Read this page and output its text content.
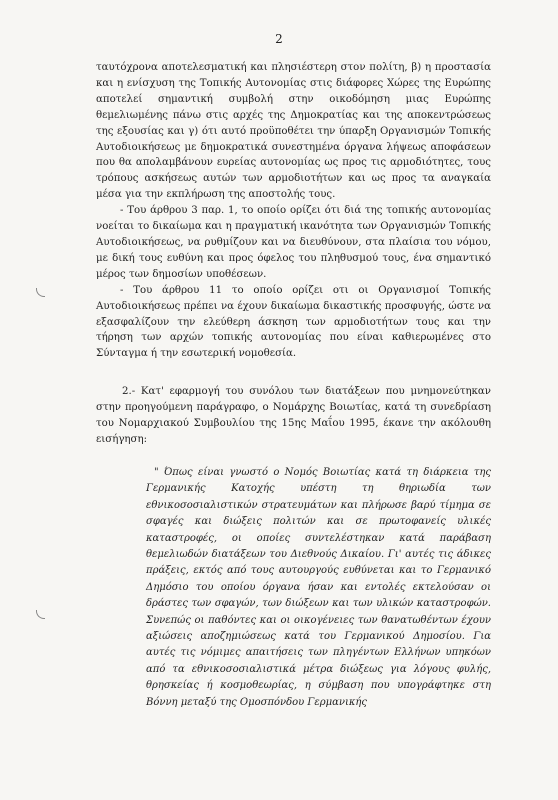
2

ταυτόχρονα αποτελεσματική και πλησιέστερη στον πολίτη, β) η προστασία και η ενίσχυση της Τοπικής Αυτονομίας στις διάφορες Χώρες της Ευρώπης αποτελεί σημαντική συμβολή στην οικοδόμηση μιας Ευρώπης θεμελιωμένης πάνω στις αρχές της Δημοκρατίας και της αποκεντρώσεως της εξουσίας και γ) ότι αυτό προϋποθέτει την ύπαρξη Οργανισμών Τοπικής Αυτοδιοικήσεως με δημοκρατικά συνεστημένα όργανα λήψεως αποφάσεων που θα απολαμβάνουν ευρείας αυτονομίας ως προς τις αρμοδιότητες, τους τρόπους ασκήσεως αυτών των αρμοδιοτήτων και ως προς τα αναγκαία μέσα για την εκπλήρωση της αποστολής τους.

- Του άρθρου 3 παρ. 1, το οποίο ορίζει ότι διά της τοπικής αυτονομίας νοείται το δικαίωμα και η πραγματική ικανότητα των Οργανισμών Τοπικής Αυτοδιοικήσεως, να ρυθμίζουν και να διευθύνουν, στα πλαίσια του νόμου, με δική τους ευθύνη και προς όφελος του πληθυσμού τους, ένα σημαντικό μέρος των δημοσίων υποθέσεων.

- Του άρθρου 11 το οποίο ορίζει οτι οι Οργανισμοί Τοπικής Αυτοδιοικήσεως πρέπει να έχουν δικαίωμα δικαστικής προσφυγής, ώστε να εξασφαλίζουν την ελεύθερη άσκηση των αρμοδιοτήτων τους και την τήρηση των αρχών τοπικής αυτονομίας που είναι καθιερωμένες στο Σύνταγμα ή την εσωτερική νομοθεσία.

2.- Κατ' εφαρμογή του συνόλου των διατάξεων που μνημονεύτηκαν στην προηγούμενη παράγραφο, ο Νομάρχης Βοιωτίας, κατά τη συνεδρίαση του Νομαρχιακού Συμβουλίου της 15ης Μαΐου 1995, έκανε την ακόλουθη εισήγηση:

" Όπως είναι γνωστό ο Νομός Βοιωτίας κατά τη διάρκεια της Γερμανικής Κατοχής υπέστη τη θηριωδία των εθνικοσοσιαλιστικών στρατευμάτων και πλήρωσε βαρύ τίμημα σε σφαγές και διώξεις πολιτών και σε πρωτοφανείς υλικές καταστροφές, οι οποίες συντελέστηκαν κατά παράβαση θεμελιωδών διατάξεων του Διεθνούς Δικαίου. Γι' αυτές τις άδικες πράξεις, εκτός από τους αυτουργούς ευθύνεται και το Γερμανικό Δημόσιο του οποίου όργανα ήσαν και εντολές εκτελούσαν οι δράστες των σφαγών, των διώξεων και των υλικών καταστροφών. Συνεπώς οι παθόντες και οι οικογένειες των θανατωθέντων έχουν αξιώσεις αποζημιώσεως κατά του Γερμανικού Δημοσίου. Για αυτές τις νόμιμες απαιτήσεις των πληγέντων Ελλήνων υπηκόων από τα εθνικοσοσιαλιστικά μέτρα διώξεως για λόγους φυλής, θρησκείας ή κοσμοθεωρίας, η σύμβαση που υπογράφτηκε στη Βόννη μεταξύ της Ομοσπόνδου Γερμανικής
